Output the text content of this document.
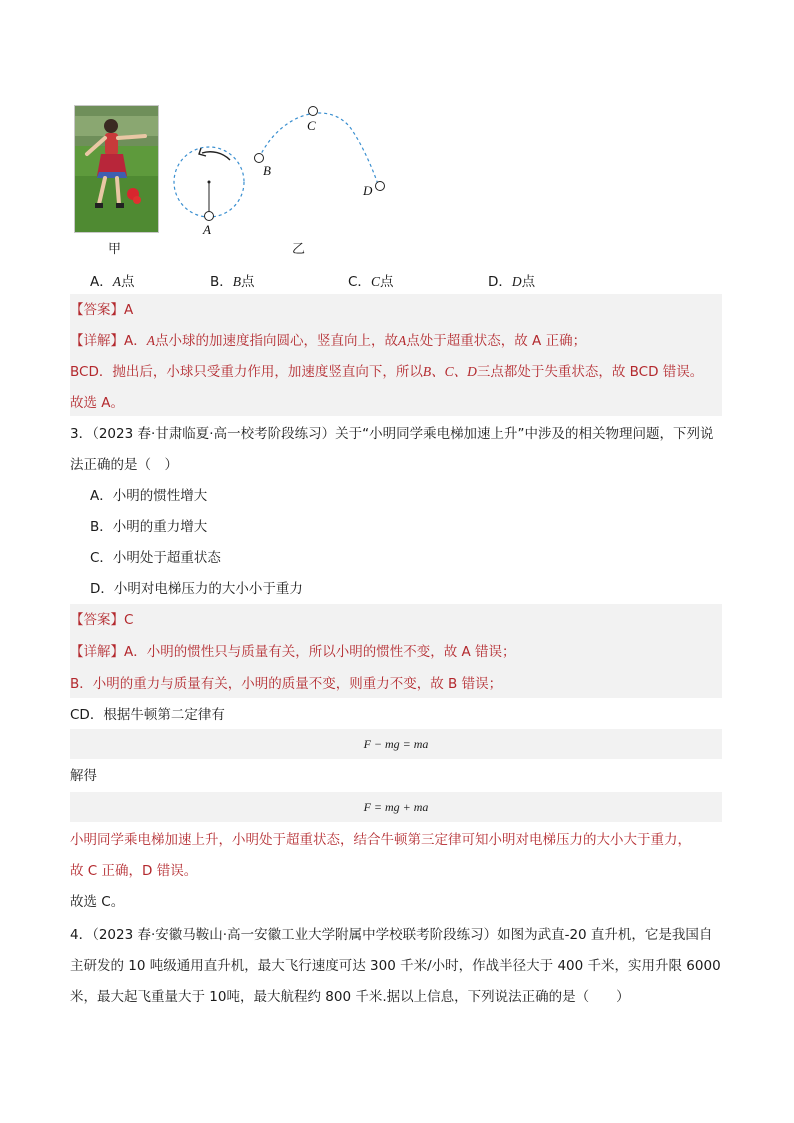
甲
A
B
C
D
乙
A．A点	B．B点	C．C点	D．D点
【答案】A
【详解】A．A点小球的加速度指向圆心，竖直向上，故A点处于超重状态，故 A 正确；
BCD．抛出后，小球只受重力作用，加速度竖直向下，所以B、C、D三点都处于失重状态，故 BCD 错误。
故选 A。
3．（2023 春·甘肃临夏·高一校考阶段练习）关于“小明同学乘电梯加速上升”中涉及的相关物理问题，下列说
法正确的是（　）
A．小明的惯性增大
B．小明的重力增大
C．小明处于超重状态
D．小明对电梯压力的大小小于重力
【答案】C
【详解】A．小明的惯性只与质量有关，所以小明的惯性不变，故 A 错误；
B．小明的重力与质量有关，小明的质量不变，则重力不变，故 B 错误；
CD．根据牛顿第二定律有
F − mg = ma
解得
F = mg + ma
小明同学乘电梯加速上升，小明处于超重状态，结合牛顿第三定律可知小明对电梯压力的大小大于重力，
故 C 正确，D 错误。
故选 C。
4．（2023 春·安徽马鞍山·高一安徽工业大学附属中学校联考阶段练习）如图为武直-20 直升机，它是我国自
主研发的 10 吨级通用直升机，最大飞行速度可达 300 千米/小时，作战半径大于 400 千米，实用升限 6000
米，最大起飞重量大于 10吨，最大航程约 800 千米.据以上信息，下列说法正确的是（　　）
